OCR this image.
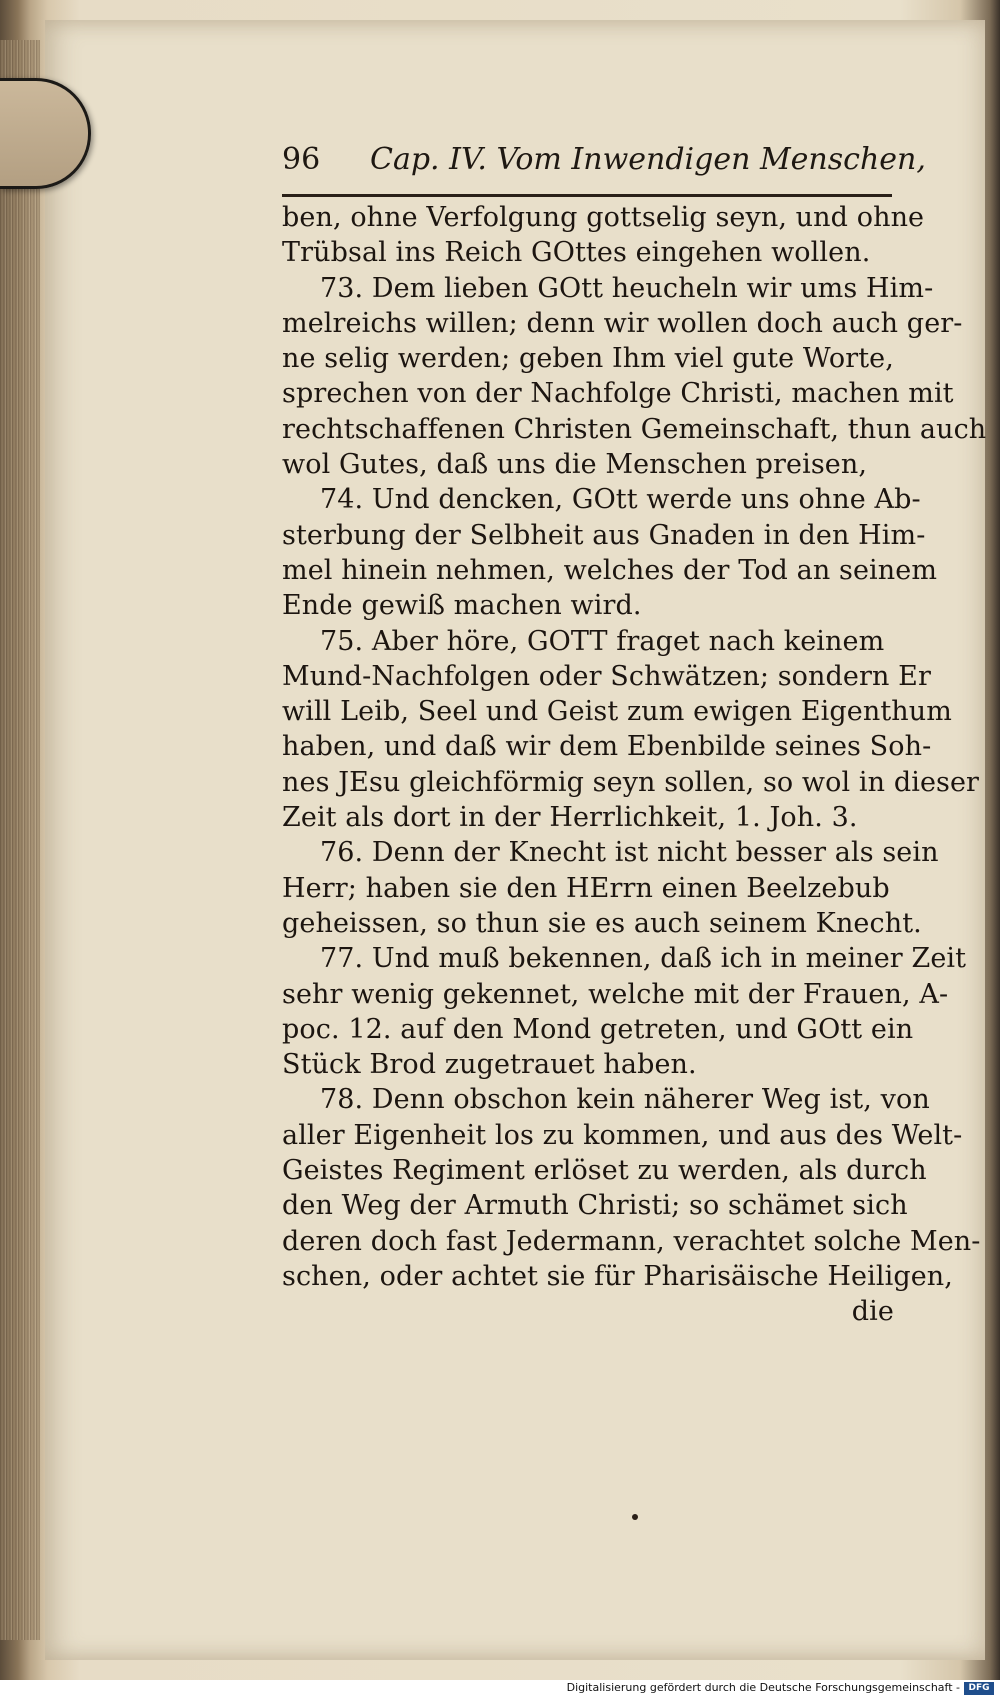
96 Cap. IV. Vom Inwendigen Menschen,
ben, ohne Verfolgung gottselig seyn, und ohne
Trübsal ins Reich GOttes eingehen wollen.
73. Dem lieben GOtt heucheln wir ums Him-
melreichs willen; denn wir wollen doch auch ger-
ne selig werden; geben Ihm viel gute Worte,
sprechen von der Nachfolge Christi, machen mit
rechtschaffenen Christen Gemeinschaft, thun auch
wol Gutes, daß uns die Menschen preisen,
74. Und dencken, GOtt werde uns ohne Ab-
sterbung der Selbheit aus Gnaden in den Him-
mel hinein nehmen, welches der Tod an seinem
Ende gewiß machen wird.
75. Aber höre, GOTT fraget nach keinem
Mund-Nachfolgen oder Schwätzen; sondern Er
will Leib, Seel und Geist zum ewigen Eigenthum
haben, und daß wir dem Ebenbilde seines Soh-
nes JEsu gleichförmig seyn sollen, so wol in dieser
Zeit als dort in der Herrlichkeit, 1. Joh. 3.
76. Denn der Knecht ist nicht besser als sein
Herr; haben sie den HErrn einen Beelzebub
geheissen, so thun sie es auch seinem Knecht.
77. Und muß bekennen, daß ich in meiner Zeit
sehr wenig gekennet, welche mit der Frauen, A-
poc. 12. auf den Mond getreten, und GOtt ein
Stück Brod zugetrauet haben.
78. Denn obschon kein näherer Weg ist, von
aller Eigenheit los zu kommen, und aus des Welt-
Geistes Regiment erlöset zu werden, als durch
den Weg der Armuth Christi; so schämet sich
deren doch fast Jedermann, verachtet solche Men-
schen, oder achtet sie für Pharisäische Heiligen,
die
Digitalisierung gefördert durch die Deutsche Forschungsgemeinschaft - DFG
